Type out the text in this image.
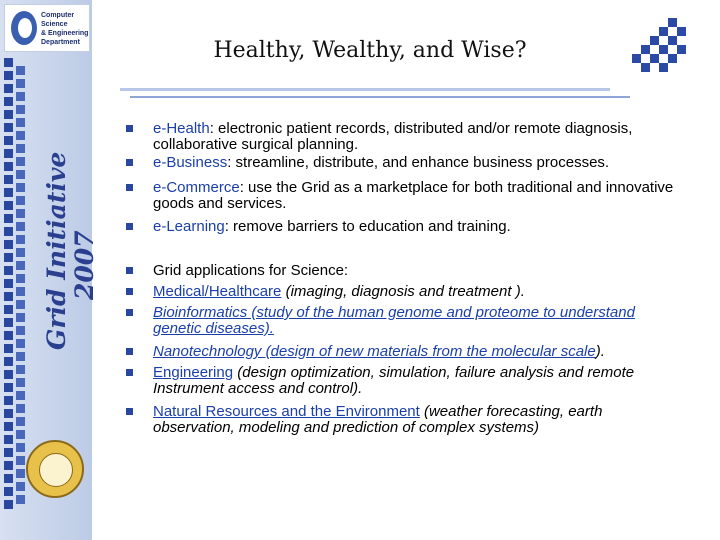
Computer Science
& Engineering
Department
Grid Initiative 2007
Healthy, Wealthy, and Wise?
e-Health: electronic patient records, distributed and/or remote diagnosis, collaborative surgical planning.
e-Business: streamline, distribute, and enhance business processes.
e-Commerce: use the Grid as a marketplace for both traditional and innovative goods and services.
e-Learning: remove barriers to education and training.
Grid applications for Science:
Medical/Healthcare (imaging, diagnosis and treatment ).
Bioinformatics (study of the human genome and proteome to understand genetic diseases).
Nanotechnology (design of new materials from the molecular scale).
Engineering (design optimization, simulation, failure analysis and remote Instrument access and control).
Natural Resources and the Environment (weather forecasting, earth observation, modeling and prediction of complex systems)
